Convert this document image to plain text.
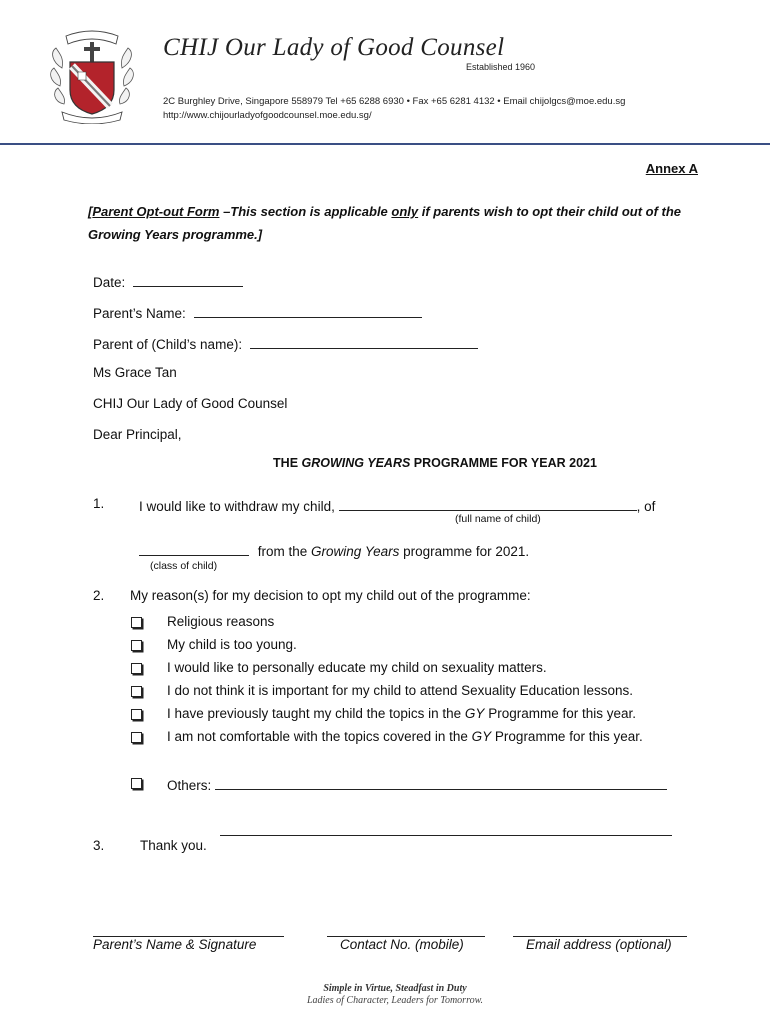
CHIJ Our Lady of Good Counsel
Established 1960
2C Burghley Drive, Singapore 558979 Tel +65 6288 6930 • Fax +65 6281 4132 • Email chijolgcs@moe.edu.sg
http://www.chijourladyofgoodcounsel.moe.edu.sg/
Annex A
[Parent Opt-out Form –This section is applicable only if parents wish to opt their child out of the Growing Years programme.]
Date:
Parent’s Name:
Parent of (Child’s name):
Ms Grace Tan
CHIJ Our Lady of Good Counsel
Dear Principal,
THE GROWING YEARS PROGRAMME FOR YEAR 2021
1.	I would like to withdraw my child,	, of
(full name of child)
from the Growing Years programme for 2021.
(class of child)
2. My reason(s) for my decision to opt my child out of the programme:
Religious reasons
My child is too young.
I would like to personally educate my child on sexuality matters.
I do not think it is important for my child to attend Sexuality Education lessons.
I have previously taught my child the topics in the GY Programme for this year.
I am not comfortable with the topics covered in the GY Programme for this year.
Others:
3.	Thank you.
Parent’s Name & Signature	Contact No. (mobile)	Email address (optional)
Simple in Virtue, Steadfast in Duty
Ladies of Character, Leaders for Tomorrow.
